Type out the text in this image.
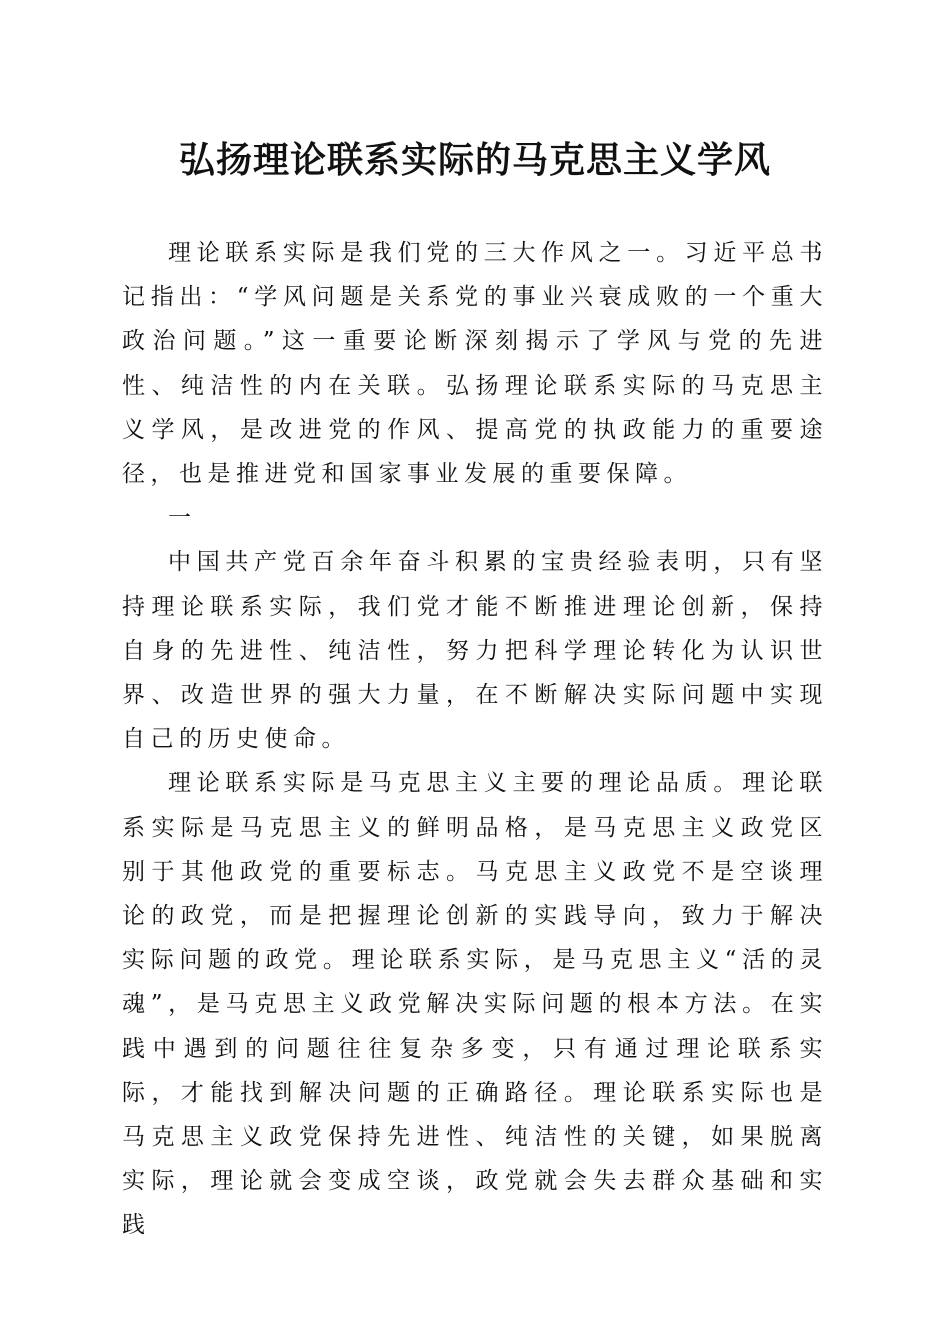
弘扬理论联系实际的马克思主义学风

理论联系实际是我们党的三大作风之一。习近平总书记指出：“学风问题是关系党的事业兴衰成败的一个重大政治问题。”这一重要论断深刻揭示了学风与党的先进性、纯洁性的内在关联。弘扬理论联系实际的马克思主义学风，是改进党的作风、提高党的执政能力的重要途径，也是推进党和国家事业发展的重要保障。

一

中国共产党百余年奋斗积累的宝贵经验表明，只有坚持理论联系实际，我们党才能不断推进理论创新，保持自身的先进性、纯洁性，努力把科学理论转化为认识世界、改造世界的强大力量，在不断解决实际问题中实现自己的历史使命。

理论联系实际是马克思主义主要的理论品质。理论联系实际是马克思主义的鲜明品格，是马克思主义政党区别于其他政党的重要标志。马克思主义政党不是空谈理论的政党，而是把握理论创新的实践导向，致力于解决实际问题的政党。理论联系实际，是马克思主义“活的灵魂”，是马克思主义政党解决实际问题的根本方法。在实践中遇到的问题往往复杂多变，只有通过理论联系实际，才能找到解决问题的正确路径。理论联系实际也是马克思主义政党保持先进性、纯洁性的关键，如果脱离实际，理论就会变成空谈，政党就会失去群众基础和实践
